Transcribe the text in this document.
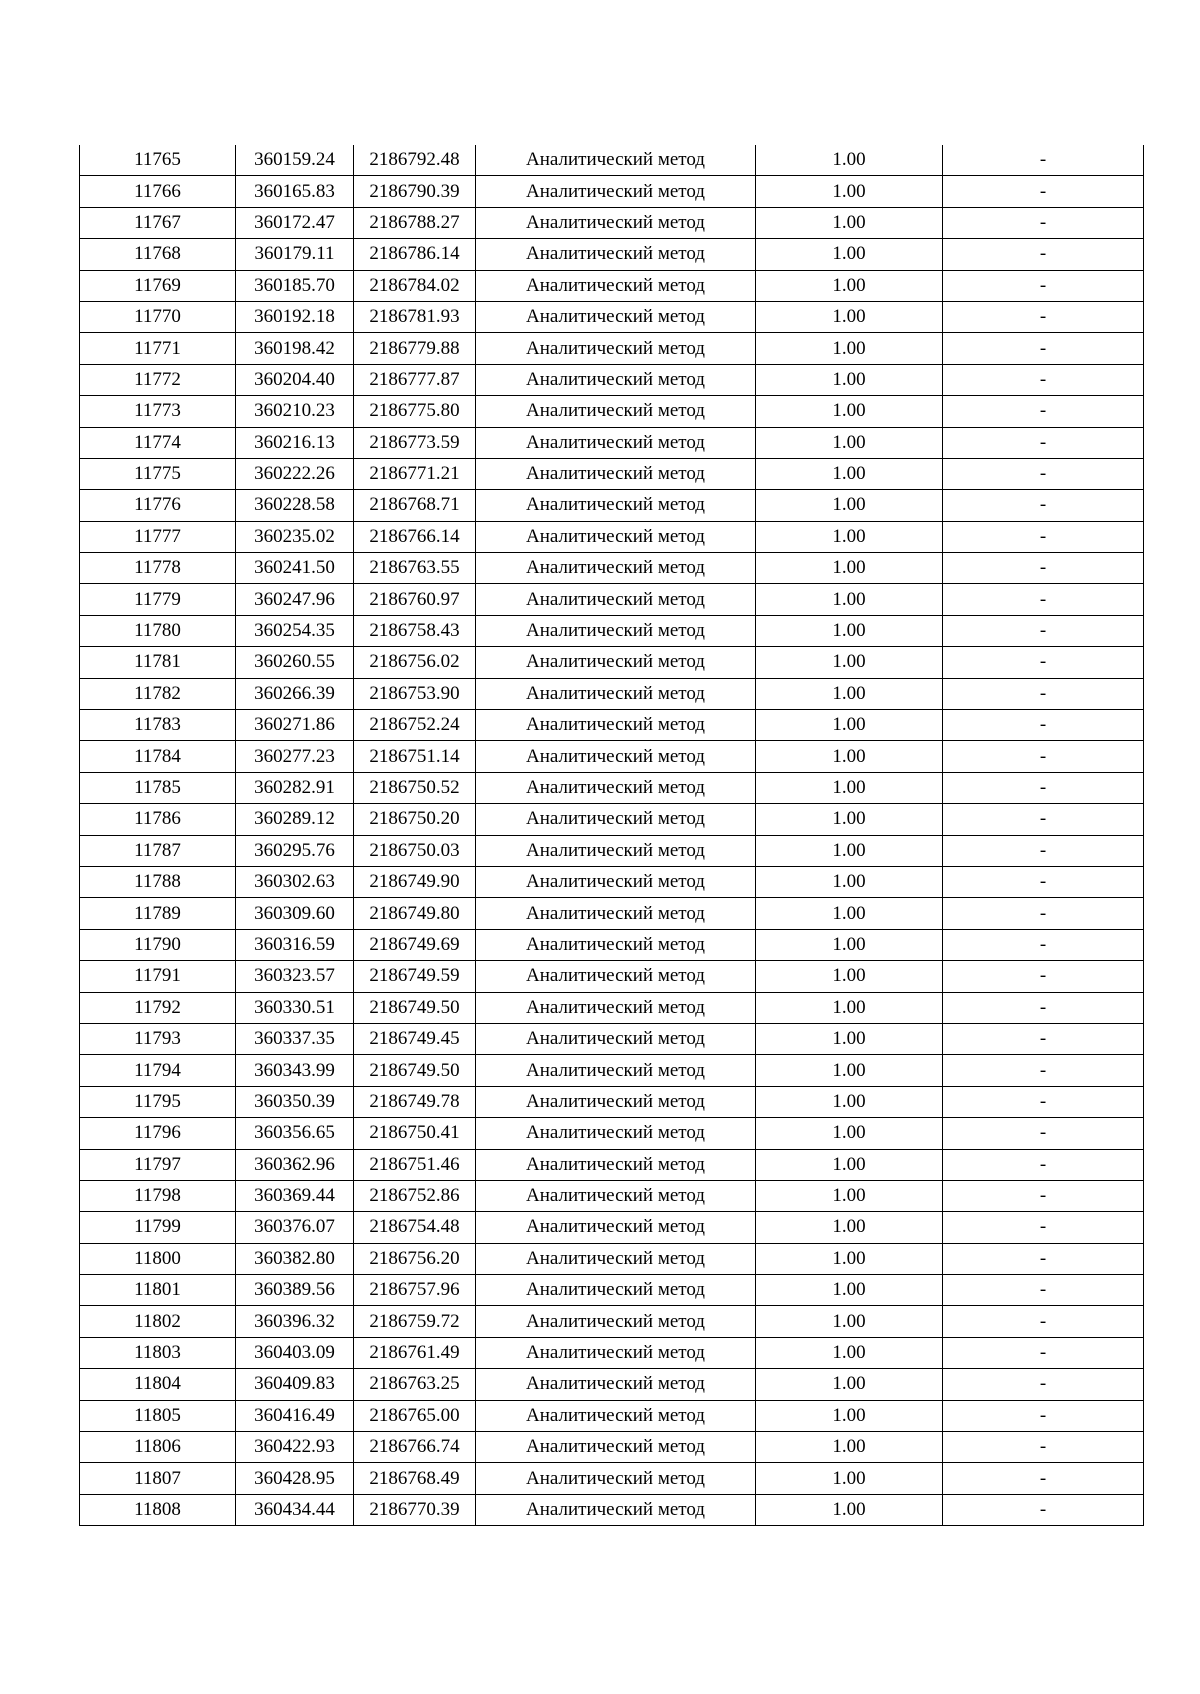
11765	360159.24	2186792.48	Аналитический метод	1.00	-
11766	360165.83	2186790.39	Аналитический метод	1.00	-
11767	360172.47	2186788.27	Аналитический метод	1.00	-
11768	360179.11	2186786.14	Аналитический метод	1.00	-
11769	360185.70	2186784.02	Аналитический метод	1.00	-
11770	360192.18	2186781.93	Аналитический метод	1.00	-
11771	360198.42	2186779.88	Аналитический метод	1.00	-
11772	360204.40	2186777.87	Аналитический метод	1.00	-
11773	360210.23	2186775.80	Аналитический метод	1.00	-
11774	360216.13	2186773.59	Аналитический метод	1.00	-
11775	360222.26	2186771.21	Аналитический метод	1.00	-
11776	360228.58	2186768.71	Аналитический метод	1.00	-
11777	360235.02	2186766.14	Аналитический метод	1.00	-
11778	360241.50	2186763.55	Аналитический метод	1.00	-
11779	360247.96	2186760.97	Аналитический метод	1.00	-
11780	360254.35	2186758.43	Аналитический метод	1.00	-
11781	360260.55	2186756.02	Аналитический метод	1.00	-
11782	360266.39	2186753.90	Аналитический метод	1.00	-
11783	360271.86	2186752.24	Аналитический метод	1.00	-
11784	360277.23	2186751.14	Аналитический метод	1.00	-
11785	360282.91	2186750.52	Аналитический метод	1.00	-
11786	360289.12	2186750.20	Аналитический метод	1.00	-
11787	360295.76	2186750.03	Аналитический метод	1.00	-
11788	360302.63	2186749.90	Аналитический метод	1.00	-
11789	360309.60	2186749.80	Аналитический метод	1.00	-
11790	360316.59	2186749.69	Аналитический метод	1.00	-
11791	360323.57	2186749.59	Аналитический метод	1.00	-
11792	360330.51	2186749.50	Аналитический метод	1.00	-
11793	360337.35	2186749.45	Аналитический метод	1.00	-
11794	360343.99	2186749.50	Аналитический метод	1.00	-
11795	360350.39	2186749.78	Аналитический метод	1.00	-
11796	360356.65	2186750.41	Аналитический метод	1.00	-
11797	360362.96	2186751.46	Аналитический метод	1.00	-
11798	360369.44	2186752.86	Аналитический метод	1.00	-
11799	360376.07	2186754.48	Аналитический метод	1.00	-
11800	360382.80	2186756.20	Аналитический метод	1.00	-
11801	360389.56	2186757.96	Аналитический метод	1.00	-
11802	360396.32	2186759.72	Аналитический метод	1.00	-
11803	360403.09	2186761.49	Аналитический метод	1.00	-
11804	360409.83	2186763.25	Аналитический метод	1.00	-
11805	360416.49	2186765.00	Аналитический метод	1.00	-
11806	360422.93	2186766.74	Аналитический метод	1.00	-
11807	360428.95	2186768.49	Аналитический метод	1.00	-
11808	360434.44	2186770.39	Аналитический метод	1.00	-
